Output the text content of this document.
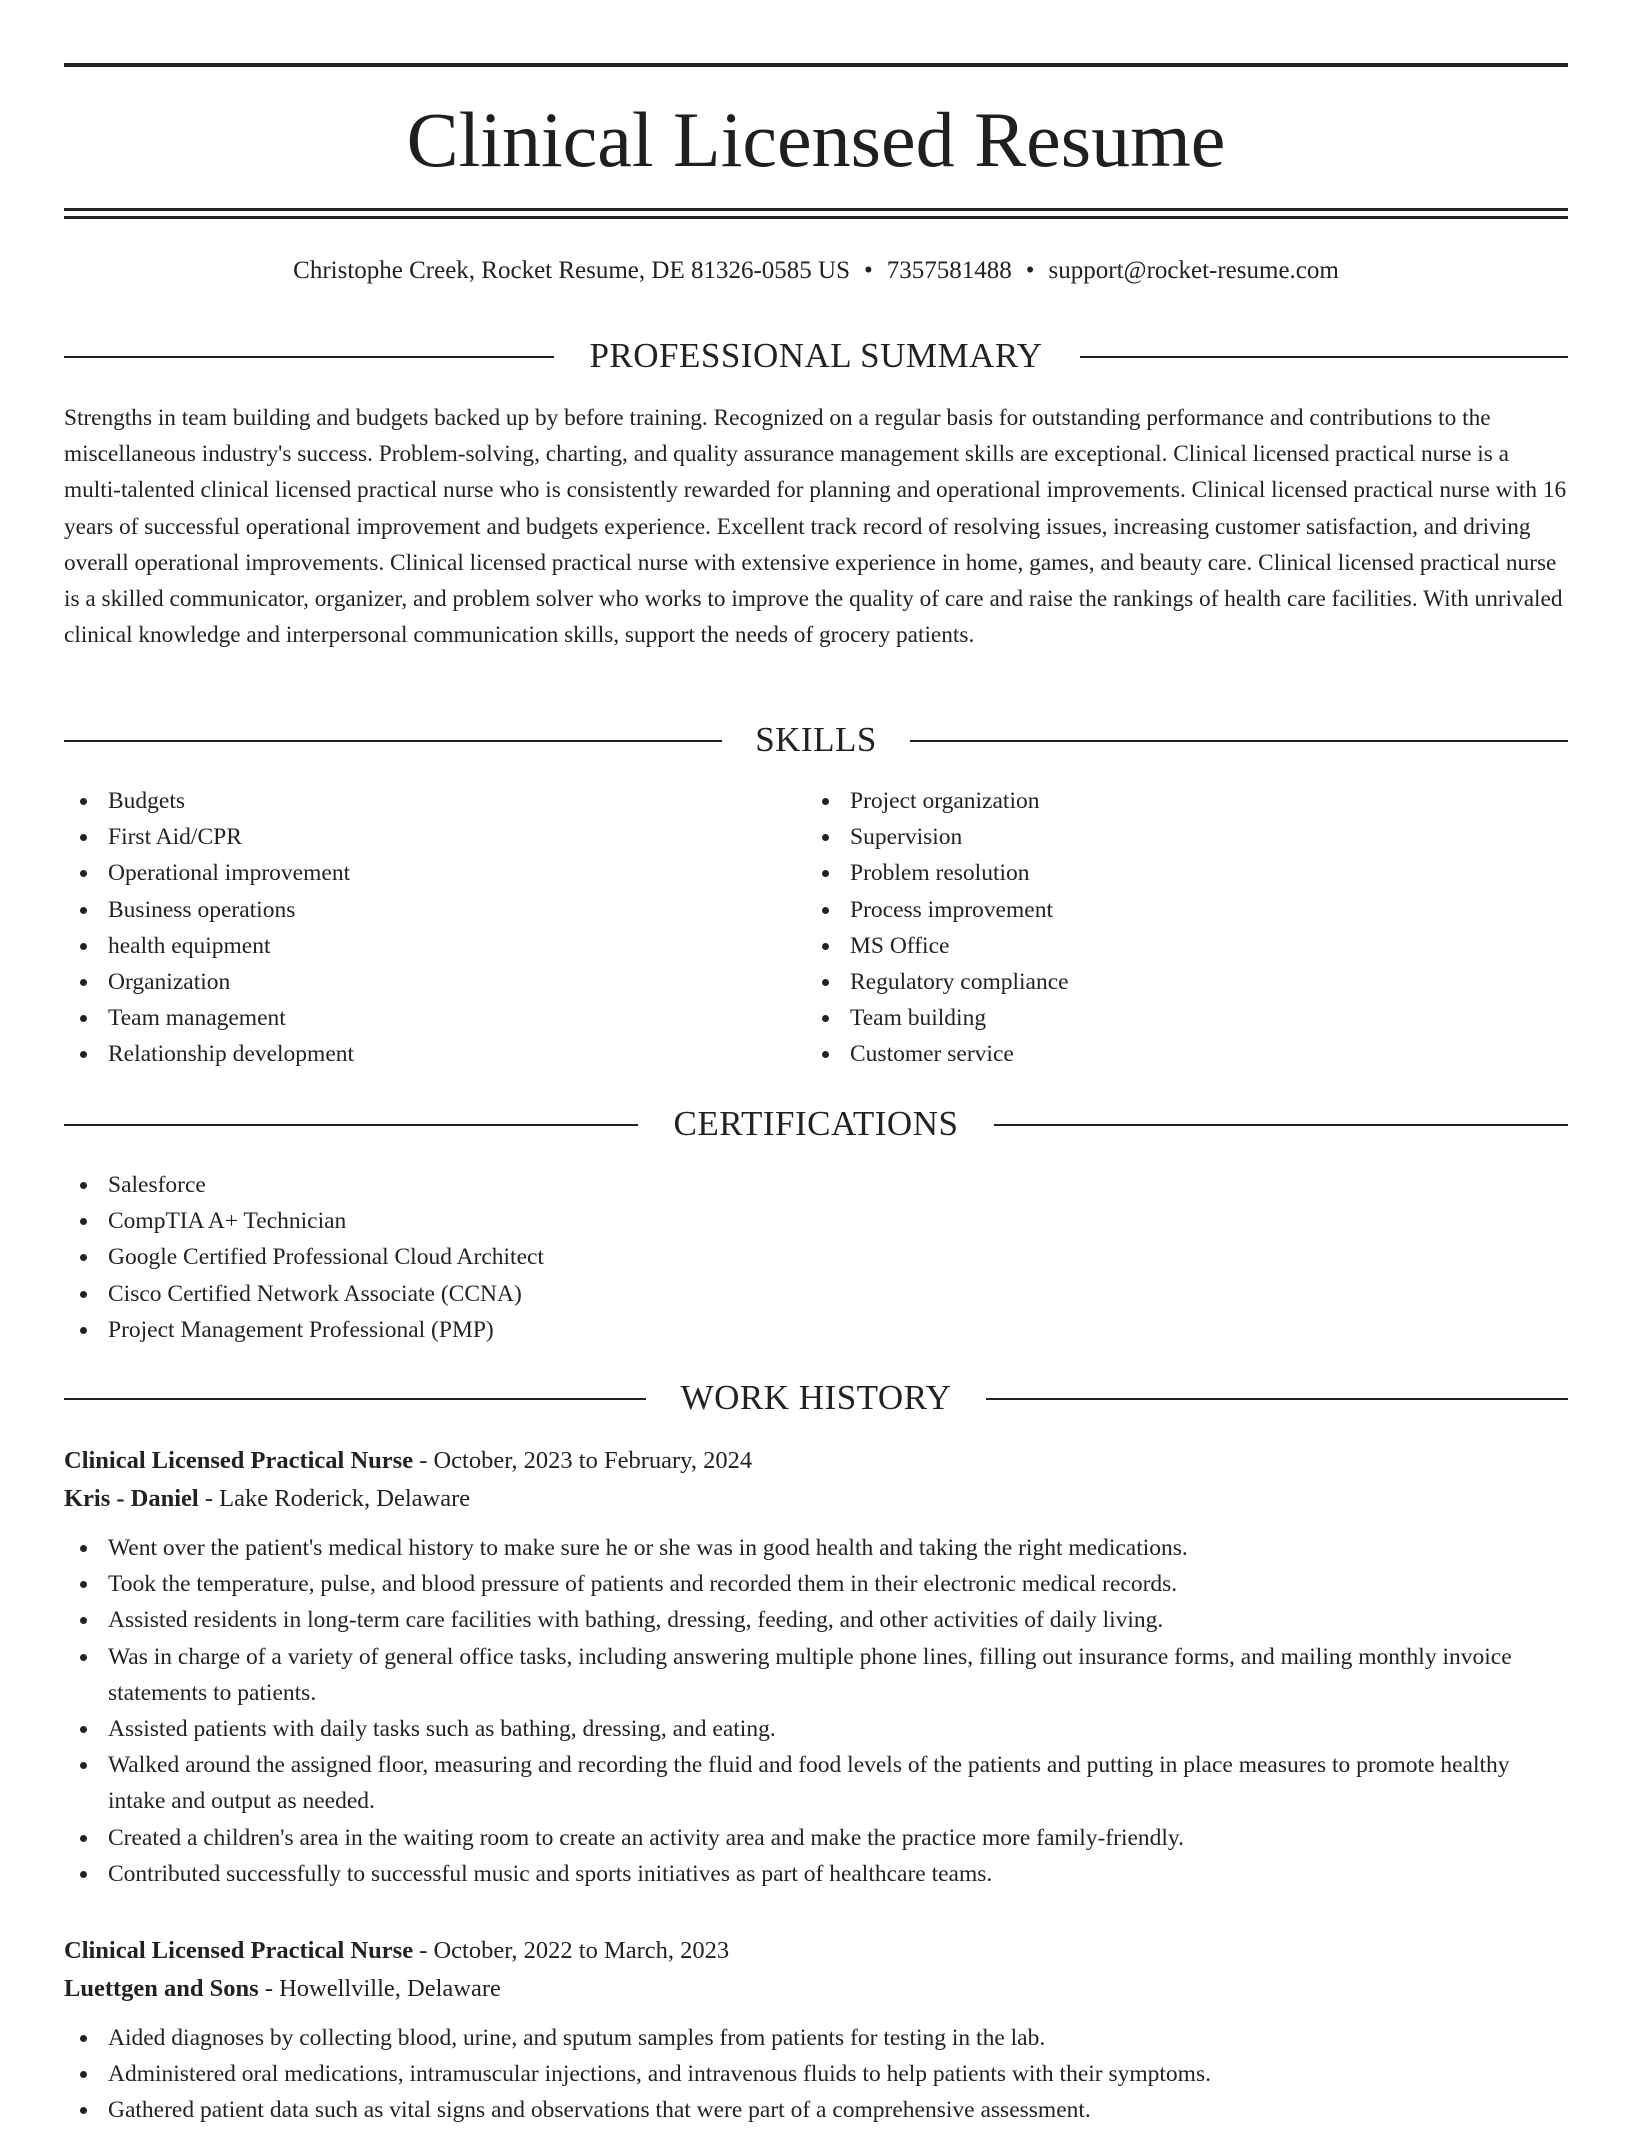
Clinical Licensed Resume
Christophe Creek, Rocket Resume, DE 81326-0585 US • 7357581488 • support@rocket-resume.com
PROFESSIONAL SUMMARY

Strengths in team building and budgets backed up by before training. Recognized on a regular basis for outstanding performance and contributions to the miscellaneous industry's success. Problem-solving, charting, and quality assurance management skills are exceptional. Clinical licensed practical nurse is a multi-talented clinical licensed practical nurse who is consistently rewarded for planning and operational improvements. Clinical licensed practical nurse with 16 years of successful operational improvement and budgets experience. Excellent track record of resolving issues, increasing customer satisfaction, and driving overall operational improvements. Clinical licensed practical nurse with extensive experience in home, games, and beauty care. Clinical licensed practical nurse is a skilled communicator, organizer, and problem solver who works to improve the quality of care and raise the rankings of health care facilities. With unrivaled clinical knowledge and interpersonal communication skills, support the needs of grocery patients.

SKILLS
Budgets
First Aid/CPR
Operational improvement
Business operations
health equipment
Organization
Team management
Relationship development
Project organization
Supervision
Problem resolution
Process improvement
MS Office
Regulatory compliance
Team building
Customer service
CERTIFICATIONS
Salesforce
CompTIA A+ Technician
Google Certified Professional Cloud Architect
Cisco Certified Network Associate (CCNA)
Project Management Professional (PMP)
WORK HISTORY
Clinical Licensed Practical Nurse - October, 2023 to February, 2024
Kris - Daniel - Lake Roderick, Delaware
Went over the patient's medical history to make sure he or she was in good health and taking the right medications.
Took the temperature, pulse, and blood pressure of patients and recorded them in their electronic medical records.
Assisted residents in long-term care facilities with bathing, dressing, feeding, and other activities of daily living.
Was in charge of a variety of general office tasks, including answering multiple phone lines, filling out insurance forms, and mailing monthly invoice statements to patients.
Assisted patients with daily tasks such as bathing, dressing, and eating.
Walked around the assigned floor, measuring and recording the fluid and food levels of the patients and putting in place measures to promote healthy intake and output as needed.
Created a children's area in the waiting room to create an activity area and make the practice more family-friendly.
Contributed successfully to successful music and sports initiatives as part of healthcare teams.
Clinical Licensed Practical Nurse - October, 2022 to March, 2023
Luettgen and Sons - Howellville, Delaware
Aided diagnoses by collecting blood, urine, and sputum samples from patients for testing in the lab.
Administered oral medications, intramuscular injections, and intravenous fluids to help patients with their symptoms.
Gathered patient data such as vital signs and observations that were part of a comprehensive assessment.
